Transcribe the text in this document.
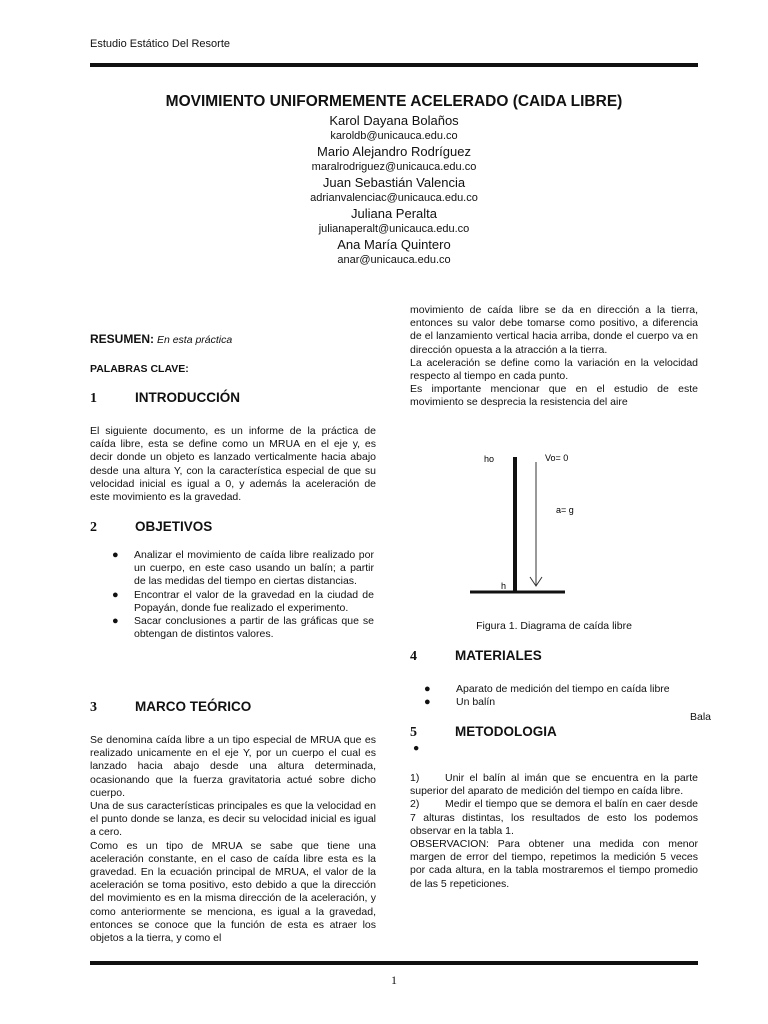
Estudio Estático Del Resorte
MOVIMIENTO UNIFORMEMENTE ACELERADO (CAIDA LIBRE)
Karol Dayana Bolaños
karoldb@unicauca.edu.co
Mario Alejandro Rodríguez
maralrodriguez@unicauca.edu.co
Juan Sebastián Valencia
adrianvalenciac@unicauca.edu.co
Juliana Peralta
julianaperalt@unicauca.edu.co
Ana María Quintero
anar@unicauca.edu.co
RESUMEN: En esta práctica
PALABRAS CLAVE:
1	INTRODUCCIÓN
El siguiente documento, es un informe de la práctica de caída libre, esta se define como un MRUA en el eje y, es decir donde un objeto es lanzado verticalmente hacia abajo desde una altura Y, con la característica especial de que su velocidad inicial es igual a 0, y además la aceleración de este movimiento es la gravedad.
2	OBJETIVOS
● Analizar el movimiento de caída libre realizado por un cuerpo, en este caso usando un balín; a partir de las medidas del tiempo en ciertas distancias.
● Encontrar el valor de la gravedad en la ciudad de Popayán, donde fue realizado el experimento.
● Sacar conclusiones a partir de las gráficas que se obtengan de distintos valores.
3	MARCO TEÓRICO
Se denomina caída libre a un tipo especial de MRUA que es realizado unicamente en el eje Y, por un cuerpo el cual es lanzado hacia abajo desde una altura determinada, ocasionando que la fuerza gravitatoria actué sobre dicho cuerpo.
Una de sus características principales es que la velocidad en el punto donde se lanza, es decir su velocidad inicial es igual a cero.
Como es un tipo de MRUA se sabe que tiene una aceleración constante, en el caso de caída libre esta es la gravedad. En la ecuación principal de MRUA, el valor de la aceleración se toma positivo, esto debido a que la dirección del movimiento es en la misma dirección de la aceleración, y como anteriormente se menciona, es igual a la gravedad, entonces se conoce que la función de esta es atraer los objetos a la tierra, y como el
movimiento de caída libre se da en dirección a la tierra, entonces su valor debe tomarse como positivo, a diferencia de el lanzamiento vertical hacia arriba, donde el cuerpo va en dirección opuesta a la atracción a la tierra.
La aceleración se define como la variación en la velocidad respecto al tiempo en cada punto.
Es importante mencionar que en el estudio de este movimiento se desprecia la resistencia del aire
ho	Vo= 0
a= g
h
Figura 1. Diagrama de caída libre
4	MATERIALES
● Aparato de medición del tiempo en caída libre
● Un balín
Bala
5	METODOLOGIA
●
1) Unir el balín al imán que se encuentra en la parte superior del aparato de medición del tiempo en caída libre.
2) Medir el tiempo que se demora el balín en caer desde 7 alturas distintas, los resultados de esto los podemos observar en la tabla 1.
OBSERVACION: Para obtener una medida con menor margen de error del tiempo, repetimos la medición 5 veces por cada altura, en la tabla mostraremos el tiempo promedio de las 5 repeticiones.
1
